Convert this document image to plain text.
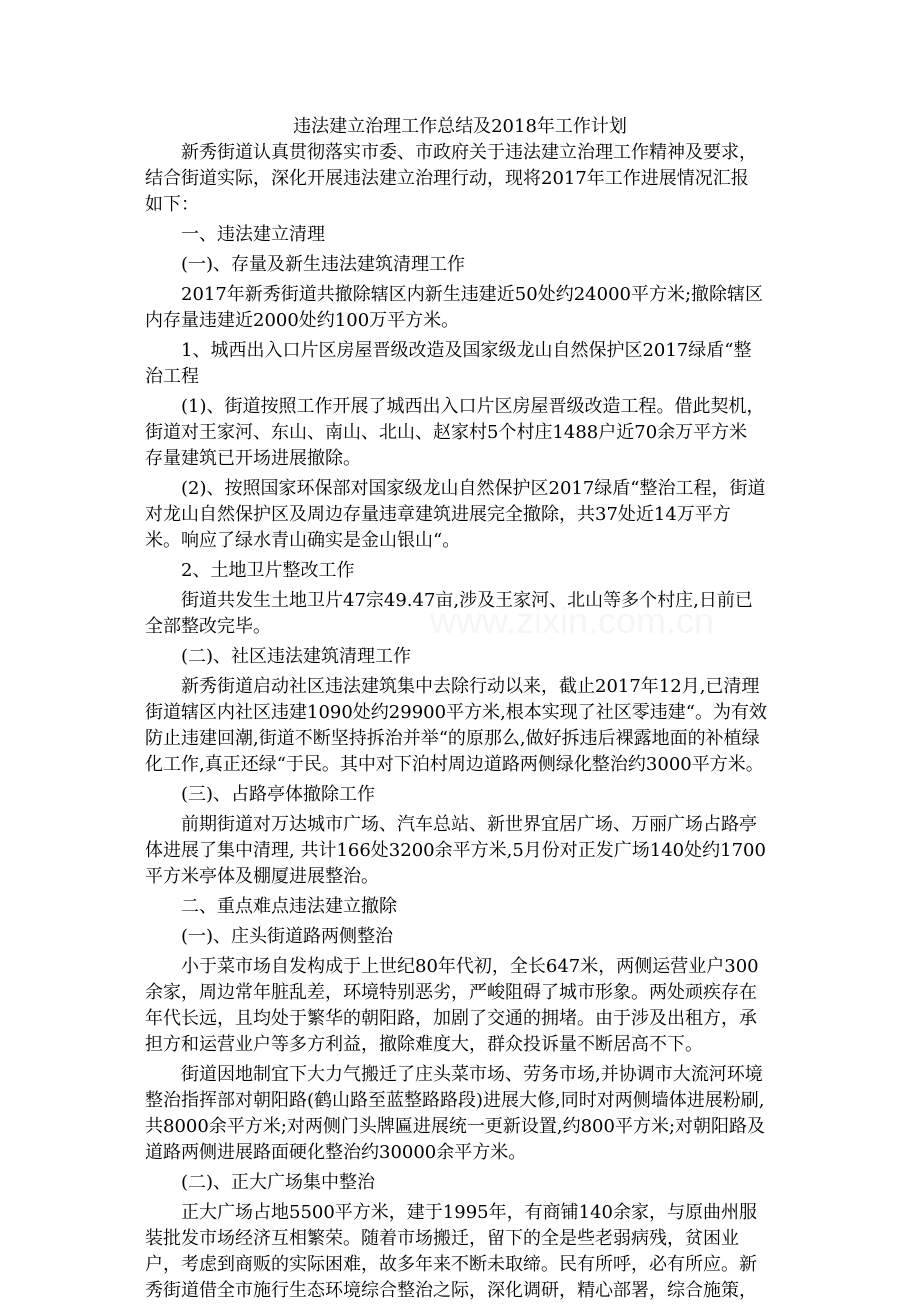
违法建立治理工作总结及2018年工作计划
新秀街道认真贯彻落实市委、市政府关于违法建立治理工作精神及要求，
结合街道实际，深化开展违法建立治理行动，现将2017年工作进展情况汇报
如下：
一、违法建立清理
(一)、存量及新生违法建筑清理工作
2017年新秀街道共撤除辖区内新生违建近50处约24000平方米;撤除辖区
内存量违建近2000处约100万平方米。
1、城西出入口片区房屋晋级改造及国家级龙山自然保护区2017绿盾“整
治工程
(1)、街道按照工作开展了城西出入口片区房屋晋级改造工程。借此契机，
街道对王家河、东山、南山、北山、赵家村5个村庄1488户近70余万平方米
存量建筑已开场进展撤除。
(2)、按照国家环保部对国家级龙山自然保护区2017绿盾“整治工程，街道
对龙山自然保护区及周边存量违章建筑进展完全撤除，共37处近14万平方
米。响应了绿水青山确实是金山银山“。
2、土地卫片整改工作
街道共发生土地卫片47宗49.47亩,涉及王家河、北山等多个村庄,日前已
全部整改完毕。
(二)、社区违法建筑清理工作
新秀街道启动社区违法建筑集中去除行动以来，截止2017年12月,已清理
街道辖区内社区违建1090处约29900平方米,根本实现了社区零违建“。为有效
防止违建回潮,街道不断坚持拆治并举“的原那么,做好拆违后裸露地面的补植绿
化工作,真正还绿“于民。其中对下泊村周边道路两侧绿化整治约3000平方米。
(三)、占路亭体撤除工作
前期街道对万达城市广场、汽车总站、新世界宜居广场、万丽广场占路亭
体进展了集中清理, 共计166处3200余平方米,5月份对正发广场140处约1700
平方米亭体及棚厦进展整治。
二、重点难点违法建立撤除
(一)、庄头街道路两侧整治
小于菜市场自发构成于上世纪80年代初，全长647米，两侧运营业户300
余家，周边常年脏乱差，环境特别恶劣，严峻阻碍了城市形象。两处顽疾存在
年代长远，且均处于繁华的朝阳路，加剧了交通的拥堵。由于涉及出租方，承
担方和运营业户等多方利益，撤除难度大，群众投诉量不断居高不下。
街道因地制宜下大力气搬迁了庄头菜市场、劳务市场,并协调市大流河环境
整治指挥部对朝阳路(鹤山路至蓝整路路段)进展大修,同时对两侧墙体进展粉刷,
共8000余平方米;对两侧门头牌匾进展统一更新设置,约800平方米;对朝阳路及
道路两侧进展路面硬化整治约30000余平方米。
(二)、正大广场集中整治
正大广场占地5500平方米，建于1995年，有商铺140余家，与原曲州服
装批发市场经济互相繁荣。随着市场搬迁，留下的全是些老弱病残，贫困业
户，考虑到商贩的实际困难，故多年来不断未取缔。民有所呼，必有所应。新
秀街道借全市施行生态环境综合整治之际，深化调研，精心部署，综合施策，
